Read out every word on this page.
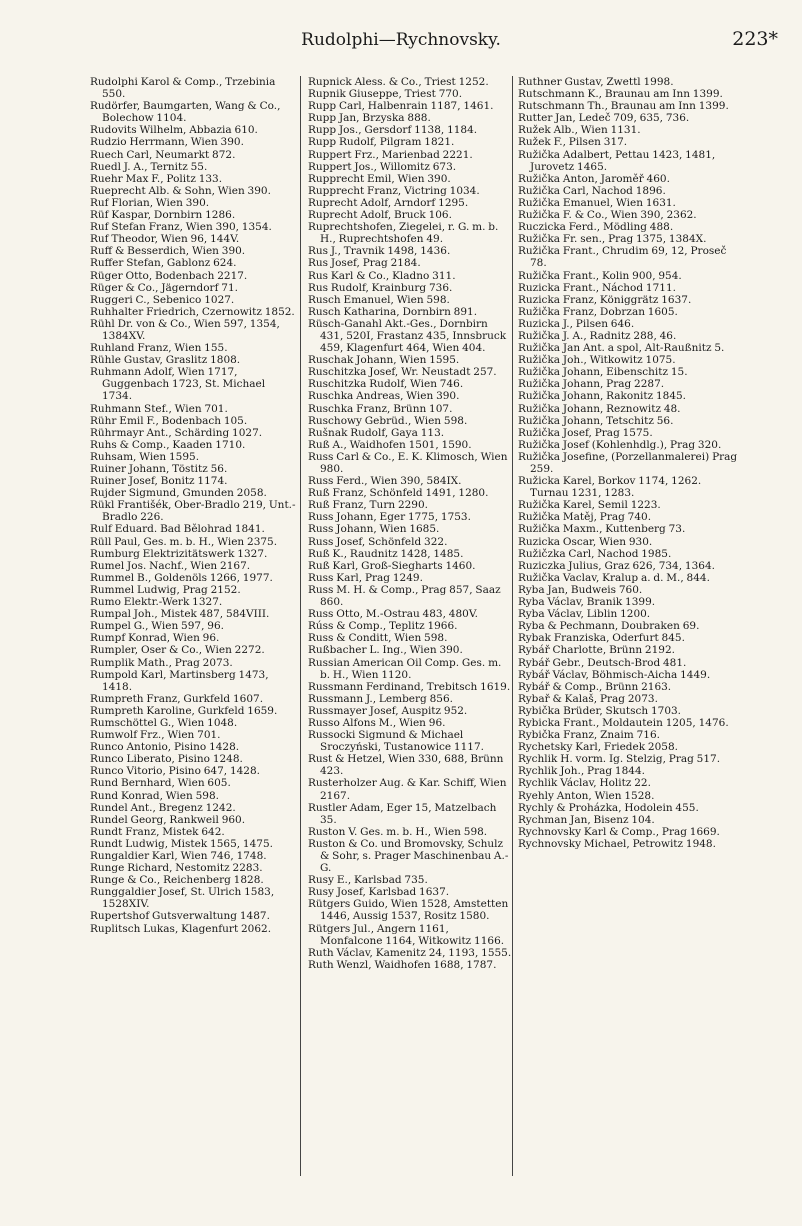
Rudolphi—Rychnovsky.	223*
Rudolphi Karol & Comp., Trzebinia 550.
Rudörfer, Baumgarten, Wang & Co., Bolechow 1104.
Rudovits Wilhelm, Abbazia 610.
Rudzio Herrmann, Wien 390.
Ruech Carl, Neumarkt 872.
Ruedl J. A., Ternitz 55.
Ruehr Max F., Politz 133.
Rueprecht Alb. & Sohn, Wien 390.
Ruf Florian, Wien 390.
Rüf Kaspar, Dornbirn 1286.
Ruf Stefan Franz, Wien 390, 1354.
Ruf Theodor, Wien 96, 144V.
Ruff & Besserdich, Wien 390.
Ruffer Stefan, Gablonz 624.
Rüger Otto, Bodenbach 2217.
Rüger & Co., Jägerndorf 71.
Ruggeri C., Sebenico 1027.
Ruhhalter Friedrich, Czernowitz 1852.
Rühl Dr. von & Co., Wien 597, 1354, 1384XV.
Ruhland Franz, Wien 155.
Rühle Gustav, Graslitz 1808.
Ruhmann Adolf, Wien 1717, Guggenbach 1723, St. Michael 1734.
Ruhmann Stef., Wien 701.
Rühr Emil F., Bodenbach 105.
Rührmayr Ant., Schärding 1027.
Ruhs & Comp., Kaaden 1710.
Ruhsam, Wien 1595.
Ruiner Johann, Töstitz 56.
Ruiner Josef, Bonitz 1174.
Rujder Sigmund, Gmunden 2058.
Rükl Františék, Ober-Bradlo 219, Unt.-Bradlo 226.
Rulf Eduard. Bad Bělohrad 1841.
Rüll Paul, Ges. m. b. H., Wien 2375.
Rumburg Elektrizitätswerk 1327.
Rumel Jos. Nachf., Wien 2167.
Rummel B., Goldenöls 1266, 1977.
Rummel Ludwig, Prag 2152.
Rumo Elektr.-Werk 1327.
Rumpal Joh., Mistek 487, 584VIII.
Rumpel G., Wien 597, 96.
Rumpf Konrad, Wien 96.
Rumpler, Oser & Co., Wien 2272.
Rumplik Math., Prag 2073.
Rumpold Karl, Martinsberg 1473, 1418.
Rumpreth Franz, Gurkfeld 1607.
Rumpreth Karoline, Gurkfeld 1659.
Rumschöttel G., Wien 1048.
Rumwolf Frz., Wien 701.
Runco Antonio, Pisino 1428.
Runco Liberato, Pisino 1248.
Runco Vitorio, Pisino 647, 1428.
Rund Bernhard, Wien 605.
Rund Konrad, Wien 598.
Rundel Ant., Bregenz 1242.
Rundel Georg, Rankweil 960.
Rundt Franz, Mistek 642.
Rundt Ludwig, Mistek 1565, 1475.
Rungaldier Karl, Wien 746, 1748.
Runge Richard, Nestomitz 2283.
Runge & Co., Reichenberg 1828.
Runggaldier Josef, St. Ulrich 1583, 1528XIV.
Rupertshof Gutsverwaltung 1487.
Ruplitsch Lukas, Klagenfurt 2062.
Rupnick Aless. & Co., Triest 1252.
Rupnik Giuseppe, Triest 770.
Rupp Carl, Halbenrain 1187, 1461.
Rupp Jan, Brzyska 888.
Rupp Jos., Gersdorf 1138, 1184.
Rupp Rudolf, Pilgram 1821.
Ruppert Frz., Marienbad 2221.
Ruppert Jos., Willomitz 673.
Rupprecht Emil, Wien 390.
Rupprecht Franz, Victring 1034.
Ruprecht Adolf, Arndorf 1295.
Ruprecht Adolf, Bruck 106.
Ruprechtshofen, Ziegelei, r. G. m. b. H., Ruprechtshofen 49.
Rus J., Travnik 1498, 1436.
Rus Josef, Prag 2184.
Rus Karl & Co., Kladno 311.
Rus Rudolf, Krainburg 736.
Rusch Emanuel, Wien 598.
Rusch Katharina, Dornbirn 891.
Rüsch-Ganahl Akt.-Ges., Dornbirn 431, 520I, Frastanz 435, Innsbruck 459, Klagenfurt 464, Wien 404.
Ruschak Johann, Wien 1595.
Ruschitzka Josef, Wr. Neustadt 257.
Ruschitzka Rudolf, Wien 746.
Ruschka Andreas, Wien 390.
Ruschka Franz, Brünn 107.
Ruschowy Gebrüd., Wien 598.
Rušnak Rudolf, Gaya 113.
Ruß A., Waidhofen 1501, 1590.
Russ Carl & Co., E. K. Klimosch, Wien 980.
Russ Ferd., Wien 390, 584IX.
Ruß Franz, Schönfeld 1491, 1280.
Ruß Franz, Turn 2290.
Russ Johann, Eger 1775, 1753.
Russ Johann, Wien 1685.
Russ Josef, Schönfeld 322.
Ruß K., Raudnitz 1428, 1485.
Ruß Karl, Groß-Siegharts 1460.
Russ Karl, Prag 1249.
Russ M. H. & Comp., Prag 857, Saaz 860.
Russ Otto, M.-Ostrau 483, 480V.
Rúss & Comp., Teplitz 1966.
Russ & Conditt, Wien 598.
Rußbacher L. Ing., Wien 390.
Russian American Oil Comp. Ges. m. b. H., Wien 1120.
Russmann Ferdinand, Trebitsch 1619.
Russmann J., Lemberg 856.
Russmayer Josef, Auspitz 952.
Russo Alfons M., Wien 96.
Russocki Sigmund & Michael Sroczyński, Tustanowice 1117.
Rust & Hetzel, Wien 330, 688, Brünn 423.
Rusterholzer Aug. & Kar. Schiff, Wien 2167.
Rustler Adam, Eger 15, Matzelbach 35.
Ruston V. Ges. m. b. H., Wien 598.
Ruston & Co. und Bromovsky, Schulz & Sohr, s. Prager Maschinenbau A.-G.
Rusy E., Karlsbad 735.
Rusy Josef, Karlsbad 1637.
Rütgers Guido, Wien 1528, Amstetten 1446, Aussig 1537, Rositz 1580.
Rütgers Jul., Angern 1161, Monfalcone 1164, Witkowitz 1166.
Ruth Václav, Kamenitz 24, 1193, 1555.
Ruth Wenzl, Waidhofen 1688, 1787.
Ruthner Gustav, Zwettl 1998.
Rutschmann K., Braunau am Inn 1399.
Rutschmann Th., Braunau am Inn 1399.
Rutter Jan, Ledeč 709, 635, 736.
Ružek Alb., Wien 1131.
Ružek F., Pilsen 317.
Ružička Adalbert, Pettau 1423, 1481, Jurovetz 1465.
Ružička Anton, Jaroměř 460.
Ružička Carl, Nachod 1896.
Ružička Emanuel, Wien 1631.
Ružička F. & Co., Wien 390, 2362.
Ruczicka Ferd., Mödling 488.
Ružička Fr. sen., Prag 1375, 1384X.
Ružička Frant., Chrudim 69, 12, Proseč 78.
Ružička Frant., Kolin 900, 954.
Ruzicka Frant., Náchod 1711.
Ruzicka Franz, Königgrätz 1637.
Ružička Franz, Dobrzan 1605.
Ruzicka J., Pilsen 646.
Ružička J. A., Radnitz 288, 46.
Ružička Jan Ant. a spol, Alt-Raußnitz 5.
Ružička Joh., Witkowitz 1075.
Ružička Johann, Eibenschitz 15.
Ružička Johann, Prag 2287.
Ružička Johann, Rakonitz 1845.
Ružička Johann, Reznowitz 48.
Ružička Johann, Tetschitz 56.
Ružička Josef, Prag 1575.
Ružička Josef (Kohlenhdlg.), Prag 320.
Ružička Josefine, (Porzellanmalerei) Prag 259.
Ružicka Karel, Borkov 1174, 1262. Turnau 1231, 1283.
Ružička Karel, Semil 1223.
Ružička Matěj, Prag 740.
Ružička Maxm., Kuttenberg 73.
Ruzicka Oscar, Wien 930.
Ružičzka Carl, Nachod 1985.
Ruziczka Julius, Graz 626, 734, 1364.
Ružička Vaclav, Kralup a. d. M., 844.
Ryba Jan, Budweis 760.
Ryba Václav, Branik 1399.
Ryba Václav, Liblin 1200.
Ryba & Pechmann, Doubraken 69.
Rybak Franziska, Oderfurt 845.
Rybář Charlotte, Brünn 2192.
Rybář Gebr., Deutsch-Brod 481.
Rybář Václav, Böhmisch-Aicha 1449.
Rybář & Comp., Brünn 2163.
Rybař & Kalaš, Prag 2073.
Rybička Brüder, Skutsch 1703.
Rybicka Frant., Moldautein 1205, 1476.
Rybička Franz, Znaim 716.
Rychetsky Karl, Friedek 2058.
Rychlik H. vorm. Ig. Stelzig, Prag 517.
Rychlik Joh., Prag 1844.
Rychlik Václav, Holitz 22.
Ryehly Anton, Wien 1528.
Rychly & Proházka, Hodolein 455.
Rychman Jan, Bisenz 104.
Rychnovsky Karl & Comp., Prag 1669.
Rychnovsky Michael, Petrowitz 1948.
